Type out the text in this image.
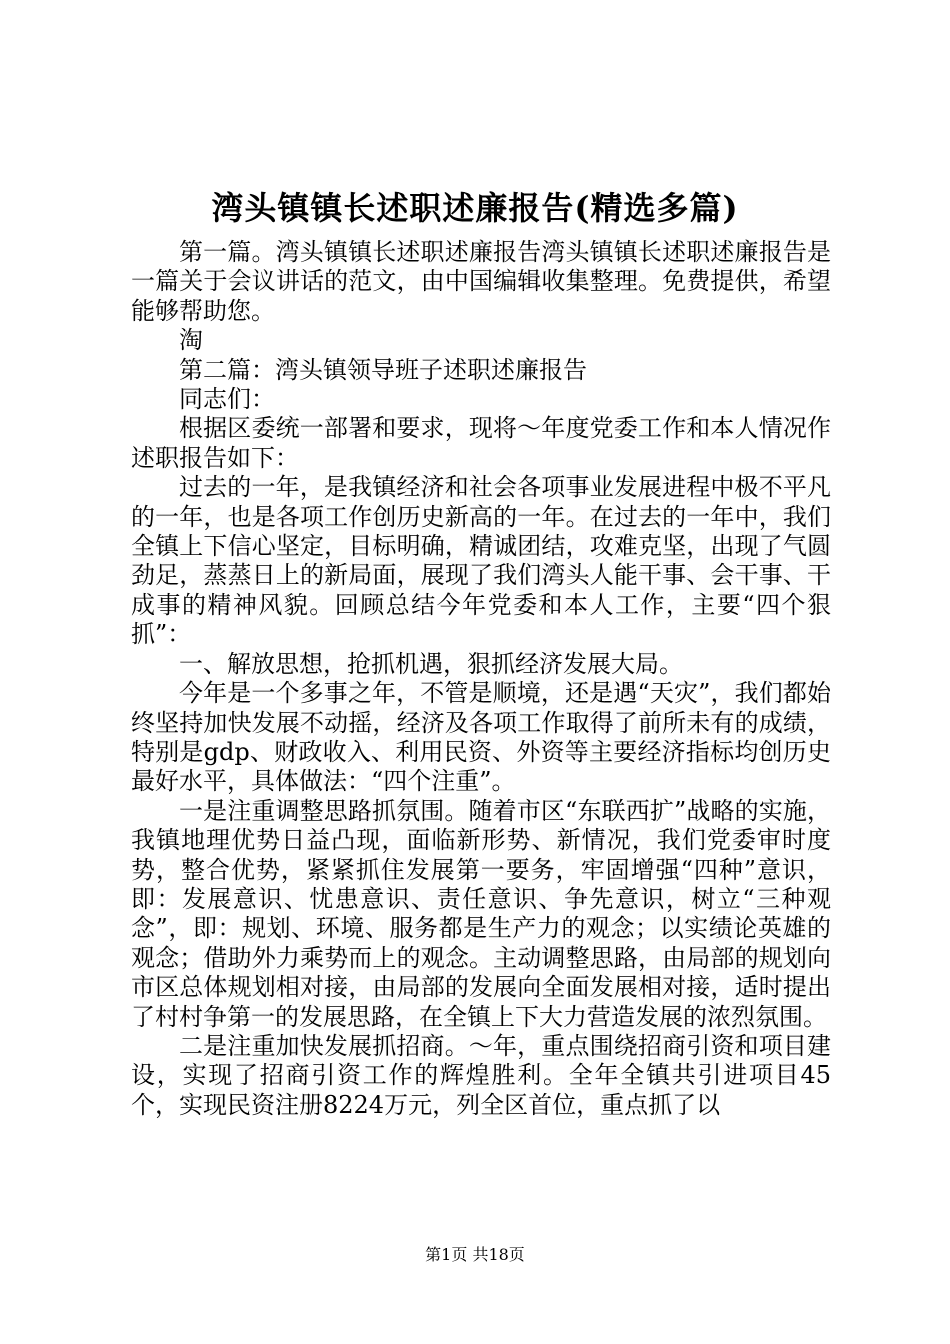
湾头镇镇长述职述廉报告(精选多篇)

第一篇。湾头镇镇长述职述廉报告湾头镇镇长述职述廉报告是一篇关于会议讲话的范文，由中国编辑收集整理。免费提供，希望能够帮助您。

淘

第二篇：湾头镇领导班子述职述廉报告

同志们：

根据区委统一部署和要求，现将～年度党委工作和本人情况作述职报告如下：

过去的一年，是我镇经济和社会各项事业发展进程中极不平凡的一年，也是各项工作创历史新高的一年。在过去的一年中，我们全镇上下信心坚定，目标明确，精诚团结，攻难克坚，出现了气圆劲足，蒸蒸日上的新局面，展现了我们湾头人能干事、会干事、干成事的精神风貌。回顾总结今年党委和本人工作，主要“四个狠抓”：

一、解放思想，抢抓机遇，狠抓经济发展大局。

今年是一个多事之年，不管是顺境，还是遇“天灾”，我们都始终坚持加快发展不动摇，经济及各项工作取得了前所未有的成绩，特别是gdp、财政收入、利用民资、外资等主要经济指标均创历史最好水平，具体做法：“四个注重”。

一是注重调整思路抓氛围。随着市区“东联西扩”战略的实施，我镇地理优势日益凸现，面临新形势、新情况，我们党委审时度势，整合优势，紧紧抓住发展第一要务，牢固增强“四种”意识，即：发展意识、忧患意识、责任意识、争先意识，树立“三种观念”，即：规划、环境、服务都是生产力的观念；以实绩论英雄的观念；借助外力乘势而上的观念。主动调整思路，由局部的规划向市区总体规划相对接，由局部的发展向全面发展相对接，适时提出了村村争第一的发展思路，在全镇上下大力营造发展的浓烈氛围。

二是注重加快发展抓招商。～年，重点围绕招商引资和项目建设，实现了招商引资工作的辉煌胜利。全年全镇共引进项目45个，实现民资注册8224万元，列全区首位，重点抓了以

第1页 共18页
